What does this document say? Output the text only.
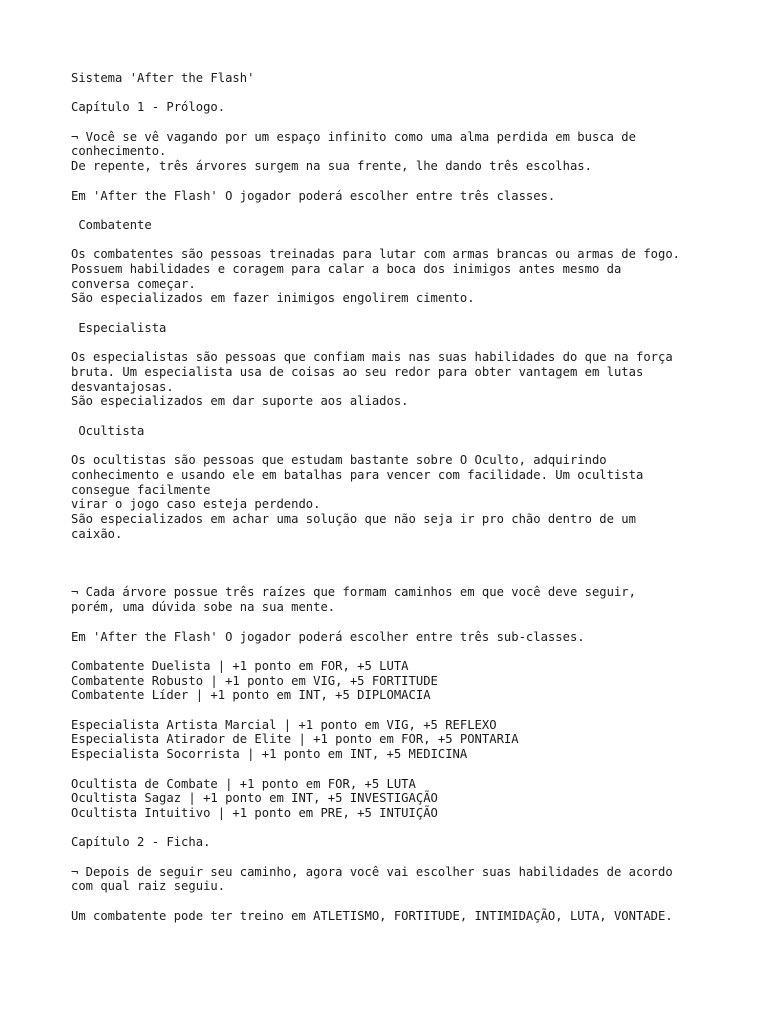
Sistema 'After the Flash'
Capítulo 1 - Prólogo.
¬ Você se vê vagando por um espaço infinito como uma alma perdida em busca de
conhecimento.
De repente, três árvores surgem na sua frente, lhe dando três escolhas.
Em 'After the Flash' O jogador poderá escolher entre três classes.
Combatente
Os combatentes são pessoas treinadas para lutar com armas brancas ou armas de fogo.
Possuem habilidades e coragem para calar a boca dos inimigos antes mesmo da
conversa começar.
São especializados em fazer inimigos engolirem cimento.
Especialista
Os especialistas são pessoas que confiam mais nas suas habilidades do que na força
bruta. Um especialista usa de coisas ao seu redor para obter vantagem em lutas
desvantajosas.
São especializados em dar suporte aos aliados.
Ocultista
Os ocultistas são pessoas que estudam bastante sobre O Oculto, adquirindo
conhecimento e usando ele em batalhas para vencer com facilidade. Um ocultista
consegue facilmente
virar o jogo caso esteja perdendo.
São especializados em achar uma solução que não seja ir pro chão dentro de um
caixão.
¬ Cada árvore possue três raízes que formam caminhos em que você deve seguir,
porém, uma dúvida sobe na sua mente.
Em 'After the Flash' O jogador poderá escolher entre três sub-classes.
Combatente Duelista | +1 ponto em FOR, +5 LUTA
Combatente Robusto | +1 ponto em VIG, +5 FORTITUDE
Combatente Líder | +1 ponto em INT, +5 DIPLOMACIA
Especialista Artista Marcial | +1 ponto em VIG, +5 REFLEXO
Especialista Atirador de Elite | +1 ponto em FOR, +5 PONTARIA
Especialista Socorrista | +1 ponto em INT, +5 MEDICINA
Ocultista de Combate | +1 ponto em FOR, +5 LUTA
Ocultista Sagaz | +1 ponto em INT, +5 INVESTIGAÇÃO
Ocultista Intuitivo | +1 ponto em PRE, +5 INTUIÇÃO
Capítulo 2 - Ficha.
¬ Depois de seguir seu caminho, agora você vai escolher suas habilidades de acordo
com qual raiz seguiu.
Um combatente pode ter treino em ATLETISMO, FORTITUDE, INTIMIDAÇÃO, LUTA, VONTADE.
